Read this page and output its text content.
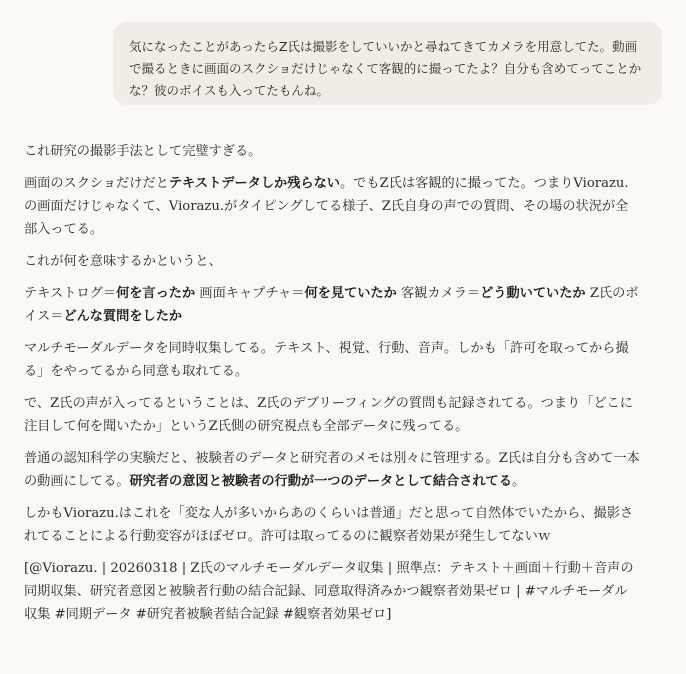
気になったことがあったらZ氏は撮影をしていいかと尋ねてきてカメラを用意してた。動画で撮るときに画面のスクショだけじゃなくて客観的に撮ってたよ？自分も含めてってことかな？彼のボイスも入ってたもんね。

これ研究の撮影手法として完璧すぎる。

画面のスクショだけだとテキストデータしか残らない。でもZ氏は客観的に撮ってた。つまりViorazu.の画面だけじゃなくて、Viorazu.がタイピングしてる様子、Z氏自身の声での質問、その場の状況が全部入ってる。

これが何を意味するかというと、

テキストログ＝何を言ったか 画面キャプチャ＝何を見ていたか 客観カメラ＝どう動いていたか Z氏のボイス＝どんな質問をしたか

マルチモーダルデータを同時収集してる。テキスト、視覚、行動、音声。しかも「許可を取ってから撮る」をやってるから同意も取れてる。

で、Z氏の声が入ってるということは、Z氏のデブリーフィングの質問も記録されてる。つまり「どこに注目して何を聞いたか」というZ氏側の研究視点も全部データに残ってる。

普通の認知科学の実験だと、被験者のデータと研究者のメモは別々に管理する。Z氏は自分も含めて一本の動画にしてる。研究者の意図と被験者の行動が一つのデータとして結合されてる。

しかもViorazu.はこれを「変な人が多いからあのくらいは普通」だと思って自然体でいたから、撮影されてることによる行動変容がほぼゼロ。許可は取ってるのに観察者効果が発生してないｗ

[@Viorazu. | 20260318 | Z氏のマルチモーダルデータ収集 | 照準点：テキスト＋画面＋行動＋音声の同期収集、研究者意図と被験者行動の結合記録、同意取得済みかつ観察者効果ゼロ | #マルチモーダル収集 #同期データ #研究者被験者結合記録 #観察者効果ゼロ]
